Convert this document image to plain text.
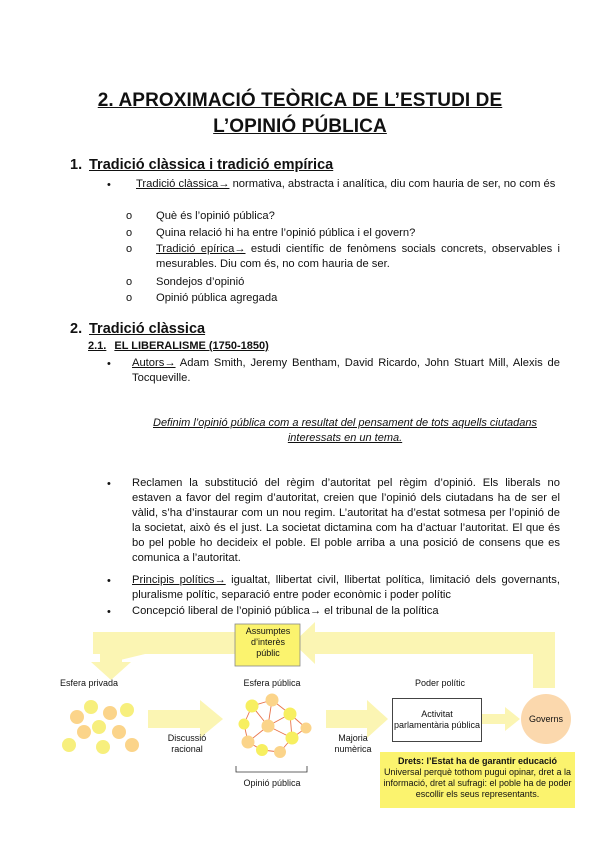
2. APROXIMACIÓ TEÒRICA DE L’ESTUDI DE
L’OPINIÓ PÚBLICA
1. Tradició clàssica i tradició empírica
•	Tradició clàssica→ normativa, abstracta i analítica, diu com hauria de ser, no com és
o Què és l’opinió pública?
o Quina relació hi ha entre l’opinió pública i el govern?
o Tradició epírica→ estudi científic de fenòmens socials concrets, observables i mesurables. Diu com és, no com hauria de ser.
o Sondejos d’opinió
o Opinió pública agregada
2. Tradició clàssica
2.1. EL LIBERALISME (1750-1850)
• Autors→ Adam Smith, Jeremy Bentham, David Ricardo, John Stuart Mill, Alexis de Tocqueville.
Definim l’opinió pública com a resultat del pensament de tots aquells ciutadans interessats en un tema.
• Reclamen la substitució del règim d’autoritat pel règim d’opinió. Els liberals no estaven a favor del regim d’autoritat, creien que l’opinió dels ciutadans ha de ser el vàlid, s’ha d’instaurar com un nou regim. L’autoritat ha d’estat sotmesa per l’opinió de la societat, això és el just. La societat dictamina com ha d’actuar l’autoritat. El que és bo pel poble ho decideix el poble. El poble arriba a una posició de consens que es comunica a l’autoritat.
• Principis polítics→ igualtat, llibertat civil, llibertat política, limitació dels governants, pluralisme polític, separació entre poder econòmic i poder polític
• Concepció liberal de l’opinió pública→ el tribunal de la política
Assumptes d’interès públic
Esfera privada	Esfera pública	Poder polític
Activitat parlamentària pública
Governs
Discussió racional
Majoria numèrica
Opinió pública
Drets: l’Estat ha de garantir educació
Universal perquè tothom pugui opinar, dret a la informació, dret al sufragi: el poble ha de poder escollir els seus representants.
